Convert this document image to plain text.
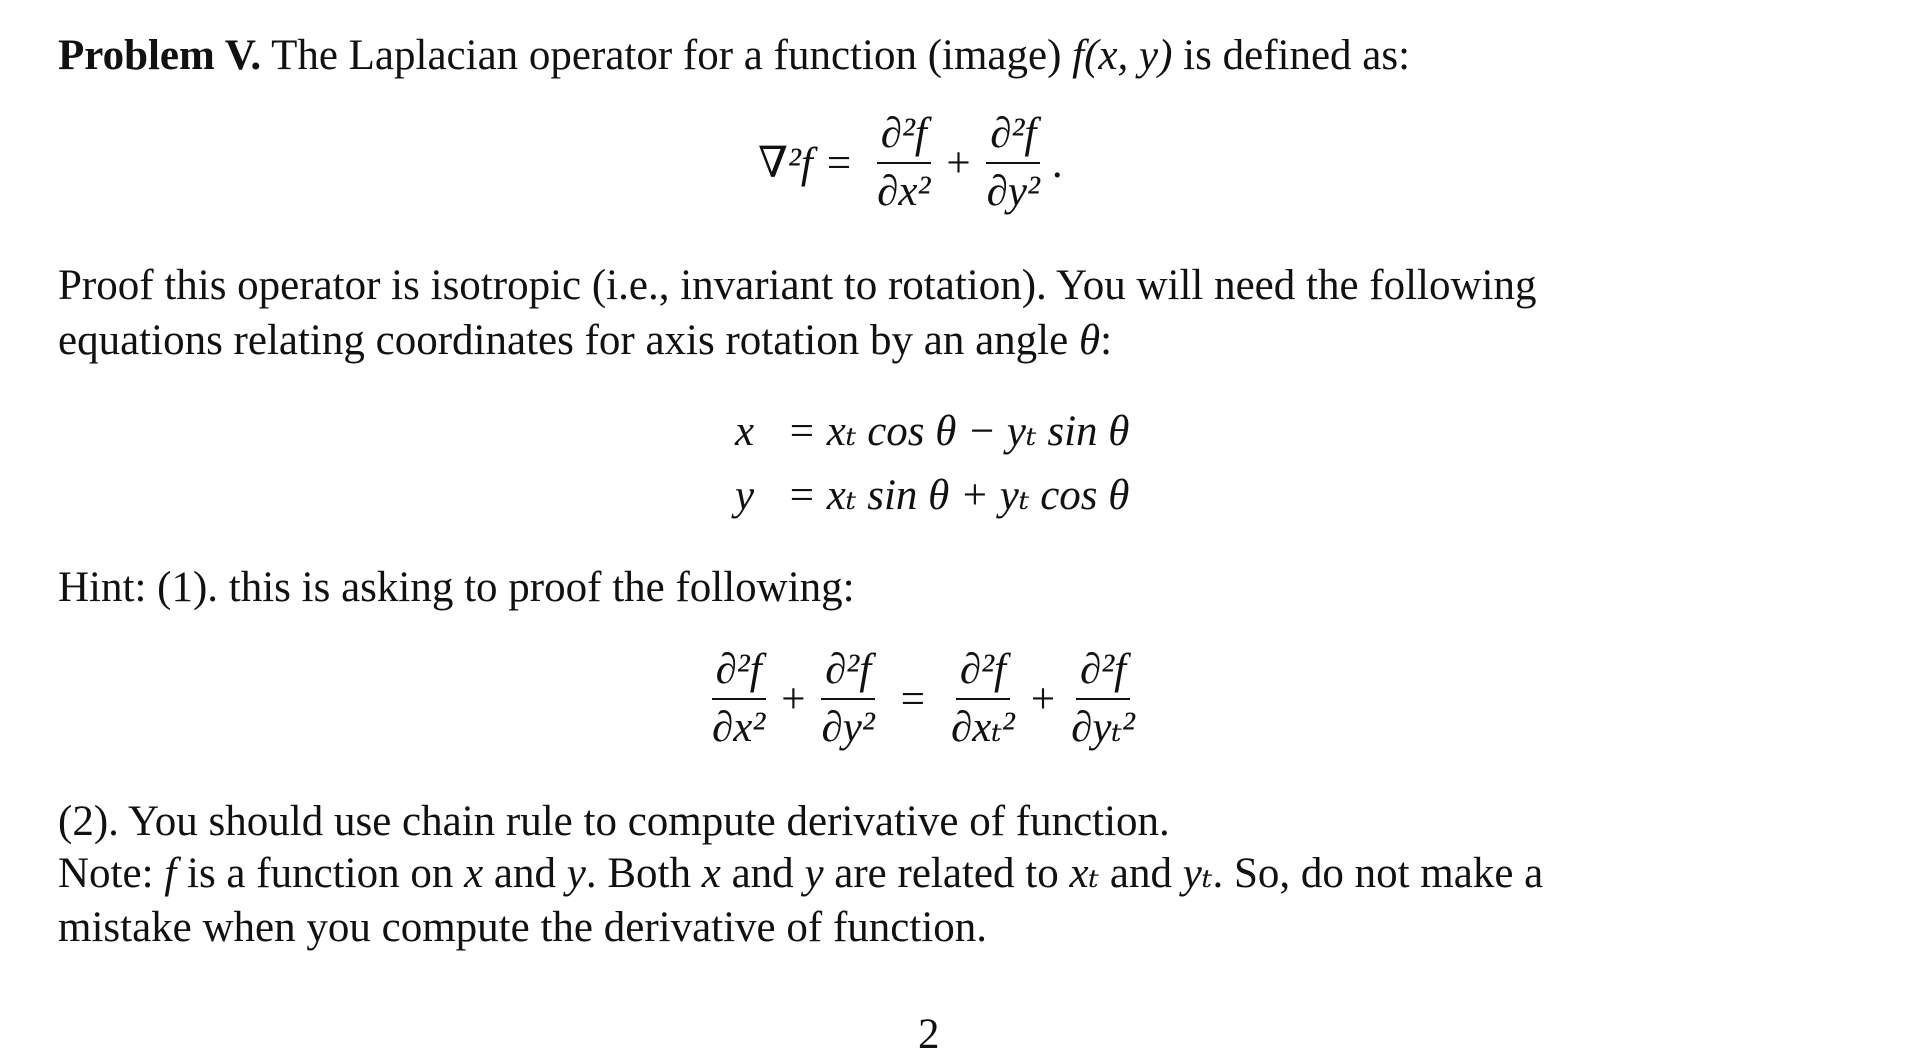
Problem V. The Laplacian operator for a function (image) f(x, y) is defined as:

$\nabla^2f = \frac{\text{∂²f}}{\text{∂x²}} + \frac{\text{∂²f}}{\text{∂y²}}$ .

Proof this operator is isotropic (i.e., invariant to rotation). You will need the following

equations relating coordinates for axis rotation by an angle θ:

x = xₜ cos θ − yₜ sin θ
y = xₜ sin θ + yₜ cos θ

Hint: (1). this is asking to proof the following:

$\frac{\text{∂²f}}{\text{∂x²}} + \frac{\text{∂²f}}{\text{∂y²}} = \frac{\text{∂²f}}{\text{∂xₜ²}} + \frac{\text{∂²f}}{\text{∂yₜ²}}$

(2). You should use chain rule to compute derivative of function.

Note: f is a function on x and y. Both x and y are related to xₜ and yₜ. So, do not make a

mistake when you compute the derivative of function.

2
